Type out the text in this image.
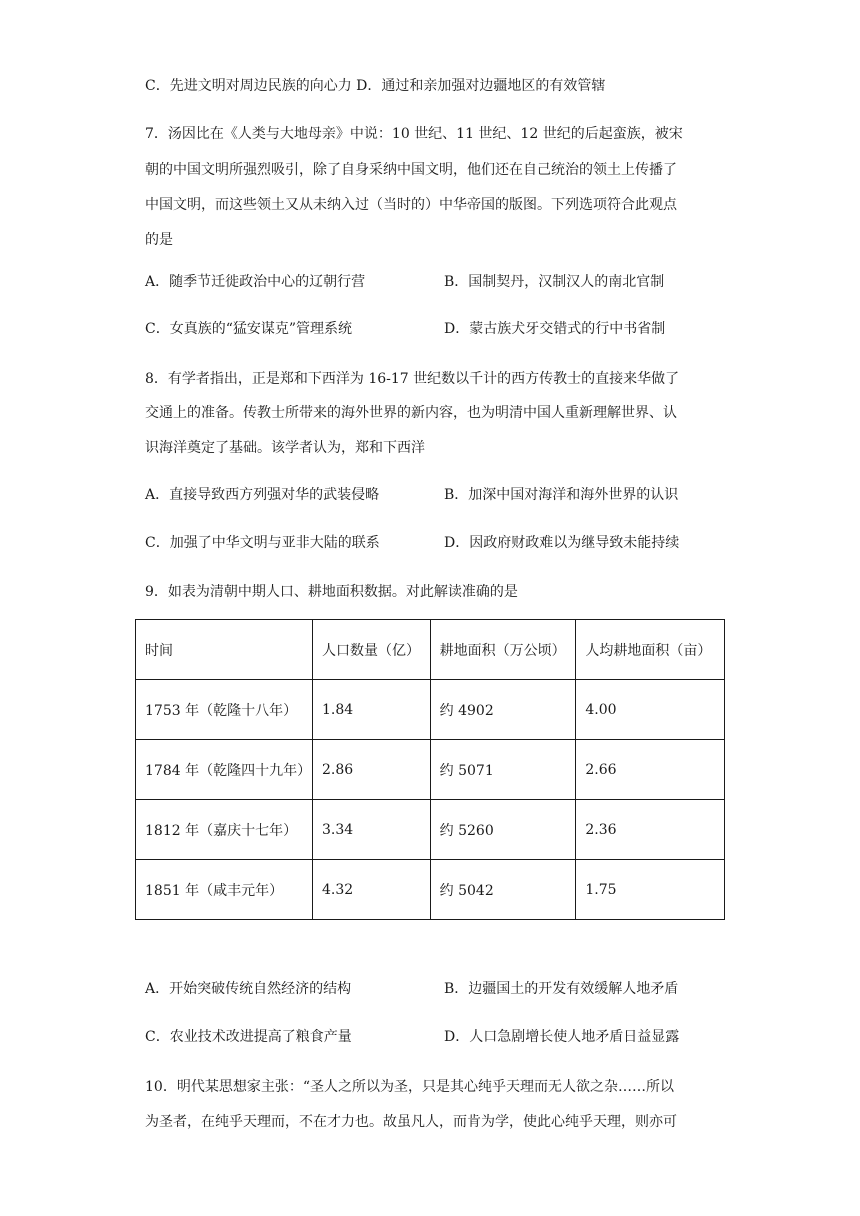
C．先进文明对周边民族的向心力 D．通过和亲加强对边疆地区的有效管辖
7．汤因比在《人类与大地母亲》中说：10 世纪、11 世纪、12 世纪的后起蛮族，被宋
朝的中国文明所强烈吸引，除了自身采纳中国文明，他们还在自己统治的领土上传播了
中国文明，而这些领土又从未纳入过（当时的）中华帝国的版图。下列选项符合此观点
的是
A．随季节迁徙政治中心的辽朝行营	B．国制契丹，汉制汉人的南北官制
C．女真族的“猛安谋克”管理系统	D．蒙古族犬牙交错式的行中书省制
8．有学者指出，正是郑和下西洋为 16-17 世纪数以千计的西方传教士的直接来华做了
交通上的准备。传教士所带来的海外世界的新内容，也为明清中国人重新理解世界、认
识海洋奠定了基础。该学者认为，郑和下西洋
A．直接导致西方列强对华的武装侵略	B．加深中国对海洋和海外世界的认识
C．加强了中华文明与亚非大陆的联系	D．因政府财政难以为继导致未能持续
9．如表为清朝中期人口、耕地面积数据。对此解读准确的是
时间	人口数量（亿）	耕地面积（万公顷）	人均耕地面积（亩）
1753 年（乾隆十八年）	1.84	约 4902	4.00
1784 年（乾隆四十九年）	2.86	约 5071	2.66
1812 年（嘉庆十七年）	3.34	约 5260	2.36
1851 年（咸丰元年）	4.32	约 5042	1.75
A．开始突破传统自然经济的结构	B．边疆国土的开发有效缓解人地矛盾
C．农业技术改进提高了粮食产量	D．人口急剧增长使人地矛盾日益显露
10．明代某思想家主张：“圣人之所以为圣，只是其心纯乎天理而无人欲之杂……所以
为圣者，在纯乎天理而，不在才力也。故虽凡人，而肯为学，使此心纯乎天理，则亦可
